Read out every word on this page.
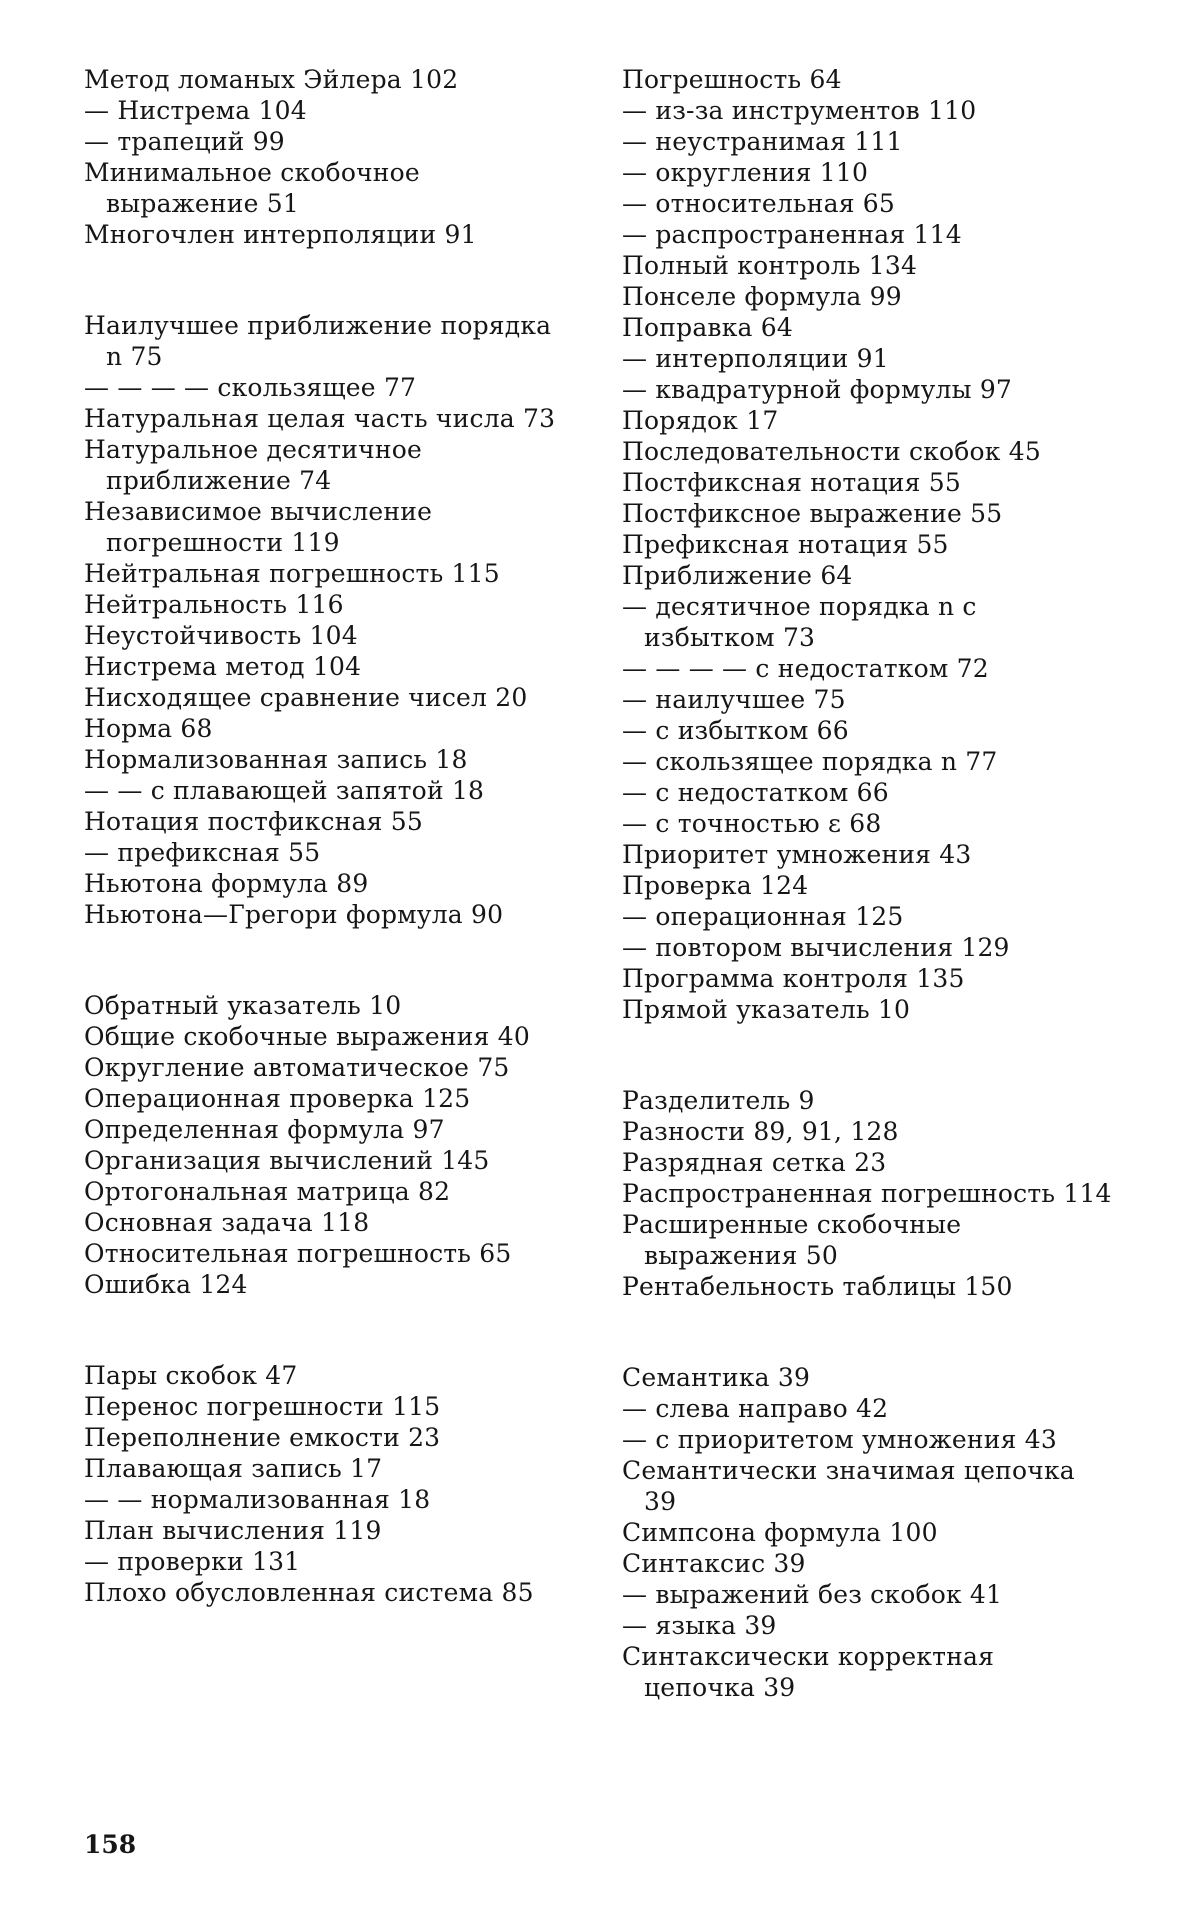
Метод ломаных Эйлера 102
— Нистрема 104
— трапеций 99
Минимальное скобочное выражение 51
Многочлен интерполяции 91
Наилучшее приближение порядка n 75
— — — — скользящее 77
Натуральная целая часть числа 73
Натуральное десятичное приближение 74
Независимое вычисление погрешности 119
Нейтральная погрешность 115
Нейтральность 116
Неустойчивость 104
Нистрема метод 104
Нисходящее сравнение чисел 20
Норма 68
Нормализованная запись 18
— — с плавающей запятой 18
Нотация постфиксная 55
— префиксная 55
Ньютона формула 89
Ньютона—Грегори формула 90
Обратный указатель 10
Общие скобочные выражения 40
Округление автоматическое 75
Операционная проверка 125
Определенная формула 97
Организация вычислений 145
Ортогональная матрица 82
Основная задача 118
Относительная погрешность 65
Ошибка 124
Пары скобок 47
Перенос погрешности 115
Переполнение емкости 23
Плавающая запись 17
— — нормализованная 18
План вычисления 119
— проверки 131
Плохо обусловленная система 85
Погрешность 64
— из-за инструментов 110
— неустранимая 111
— округления 110
— относительная 65
— распространенная 114
Полный контроль 134
Понселе формула 99
Поправка 64
— интерполяции 91
— квадратурной формулы 97
Порядок 17
Последовательности скобок 45
Постфиксная нотация 55
Постфиксное выражение 55
Префиксная нотация 55
Приближение 64
— десятичное порядка n с избытком 73
— — — — с недостатком 72
— наилучшее 75
— с избытком 66
— скользящее порядка n 77
— с недостатком 66
— с точностью ε 68
Приоритет умножения 43
Проверка 124
— операционная 125
— повтором вычисления 129
Программа контроля 135
Прямой указатель 10
Разделитель 9
Разности 89, 91, 128
Разрядная сетка 23
Распространенная погрешность 114
Расширенные скобочные выражения 50
Рентабельность таблицы 150
Семантика 39
— слева направо 42
— с приоритетом умножения 43
Семантически значимая цепочка 39
Симпсона формула 100
Синтаксис 39
— выражений без скобок 41
— языка 39
Синтаксически корректная цепочка 39
158
